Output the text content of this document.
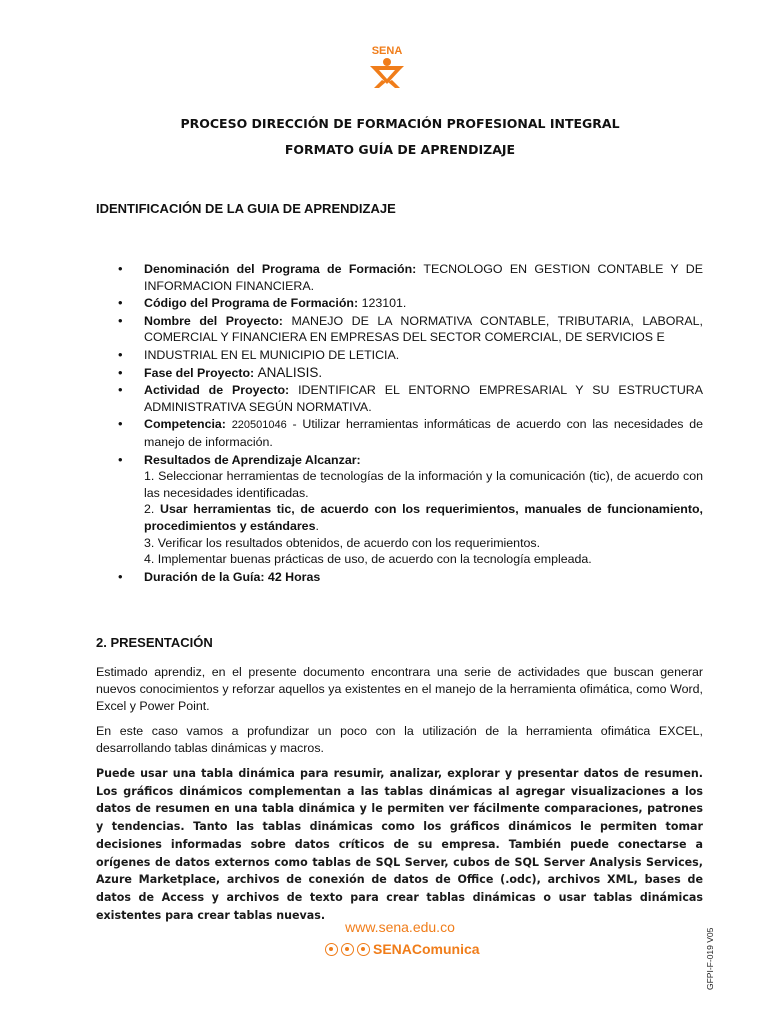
SENA
PROCESO DIRECCIÓN DE FORMACIÓN PROFESIONAL INTEGRAL
FORMATO GUÍA DE APRENDIZAJE
IDENTIFICACIÓN DE LA GUIA DE APRENDIZAJE
• Denominación del Programa de Formación: TECNOLOGO EN GESTION CONTABLE Y DE INFORMACION FINANCIERA.
• Código del Programa de Formación: 123101.
• Nombre del Proyecto: MANEJO DE LA NORMATIVA CONTABLE, TRIBUTARIA, LABORAL, COMERCIAL Y FINANCIERA EN EMPRESAS DEL SECTOR COMERCIAL, DE SERVICIOS E
• INDUSTRIAL EN EL MUNICIPIO DE LETICIA.
• Fase del Proyecto: ANALISIS.
• Actividad de Proyecto: IDENTIFICAR EL ENTORNO EMPRESARIAL Y SU ESTRUCTURA ADMINISTRATIVA SEGÚN NORMATIVA.
• Competencia: 220501046 - Utilizar herramientas informáticas de acuerdo con las necesidades de manejo de información.
• Resultados de Aprendizaje Alcanzar:
1. Seleccionar herramientas de tecnologías de la información y la comunicación (tic), de acuerdo con las necesidades identificadas.
2. Usar herramientas tic, de acuerdo con los requerimientos, manuales de funcionamiento, procedimientos y estándares.
3. Verificar los resultados obtenidos, de acuerdo con los requerimientos.
4. Implementar buenas prácticas de uso, de acuerdo con la tecnología empleada.
• Duración de la Guía: 42 Horas
2. PRESENTACIÓN

Estimado aprendiz, en el presente documento encontrara una serie de actividades que buscan generar nuevos conocimientos y reforzar aquellos ya existentes en el manejo de la herramienta ofimática, como Word, Excel y Power Point.

En este caso vamos a profundizar un poco con la utilización de la herramienta ofimática EXCEL, desarrollando tablas dinámicas y macros.

Puede usar una tabla dinámica para resumir, analizar, explorar y presentar datos de resumen. Los gráficos dinámicos complementan a las tablas dinámicas al agregar visualizaciones a los datos de resumen en una tabla dinámica y le permiten ver fácilmente comparaciones, patrones y tendencias. Tanto las tablas dinámicas como los gráficos dinámicos le permiten tomar decisiones informadas sobre datos críticos de su empresa. También puede conectarse a orígenes de datos externos como tablas de SQL Server, cubos de SQL Server Analysis Services, Azure Marketplace, archivos de conexión de datos de Office (.odc), archivos XML, bases de datos de Access y archivos de texto para crear tablas dinámicas o usar tablas dinámicas existentes para crear tablas nuevas.

www.sena.edu.co
SENAComunica	GFPI-F-019 V05
